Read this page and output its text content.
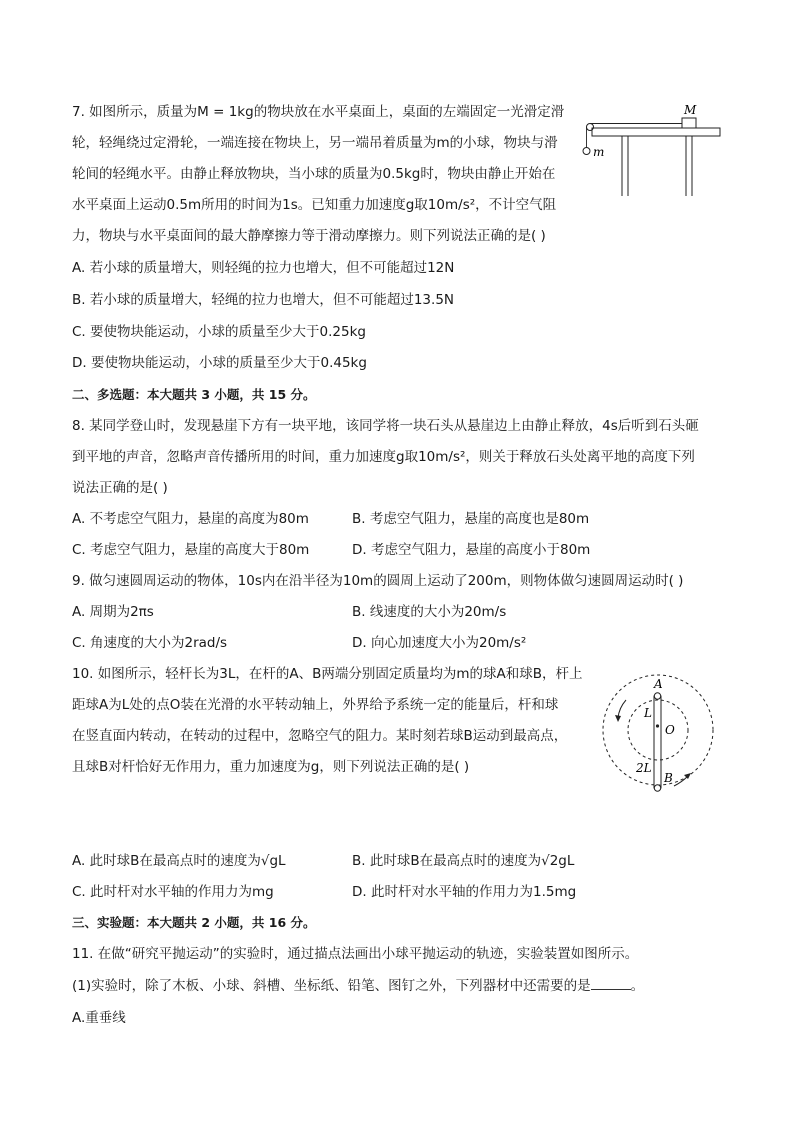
7. 如图所示，质量为M = 1kg的物块放在水平桌面上，桌面的左端固定一光滑定滑
轮，轻绳绕过定滑轮，一端连接在物块上，另一端吊着质量为m的小球，物块与滑
轮间的轻绳水平。由静止释放物块，当小球的质量为0.5kg时，物块由静止开始在
水平桌面上运动0.5m所用的时间为1s。已知重力加速度g取10m/s²，不计空气阻
力，物块与水平桌面间的最大静摩擦力等于滑动摩擦力。则下列说法正确的是( )
A. 若小球的质量增大，则轻绳的拉力也增大，但不可能超过12N
B. 若小球的质量增大，轻绳的拉力也增大，但不可能超过13.5N
C. 要使物块能运动，小球的质量至少大于0.25kg
D. 要使物块能运动，小球的质量至少大于0.45kg
M
m
二、多选题：本大题共 3 小题，共 15 分。
8. 某同学登山时，发现悬崖下方有一块平地，该同学将一块石头从悬崖边上由静止释放，4s后听到石头砸
到平地的声音，忽略声音传播所用的时间，重力加速度g取10m/s²，则关于释放石头处离平地的高度下列
说法正确的是( )
A. 不考虑空气阻力，悬崖的高度为80m	B. 考虑空气阻力，悬崖的高度也是80m
C. 考虑空气阻力，悬崖的高度大于80m	D. 考虑空气阻力，悬崖的高度小于80m
9. 做匀速圆周运动的物体，10s内在沿半径为10m的圆周上运动了200m，则物体做匀速圆周运动时( )
A. 周期为2πs	B. 线速度的大小为20m/s
C. 角速度的大小为2rad/s	D. 向心加速度大小为20m/s²
10. 如图所示，轻杆长为3L，在杆的A、B两端分别固定质量均为m的球A和球B，杆上
距球A为L处的点O装在光滑的水平转动轴上，外界给予系统一定的能量后，杆和球
在竖直面内转动，在转动的过程中，忽略空气的阻力。某时刻若球B运动到最高点，
且球B对杆恰好无作用力，重力加速度为g，则下列说法正确的是( )
A
L
O
2L
B
A. 此时球B在最高点时的速度为√gL	B. 此时球B在最高点时的速度为√2gL
C. 此时杆对水平轴的作用力为mg	D. 此时杆对水平轴的作用力为1.5mg
三、实验题：本大题共 2 小题，共 16 分。
11. 在做“研究平抛运动”的实验时，通过描点法画出小球平抛运动的轨迹，实验装置如图所示。
(1)实验时，除了木板、小球、斜槽、坐标纸、铅笔、图钉之外，下列器材中还需要的是	。
A.重垂线
